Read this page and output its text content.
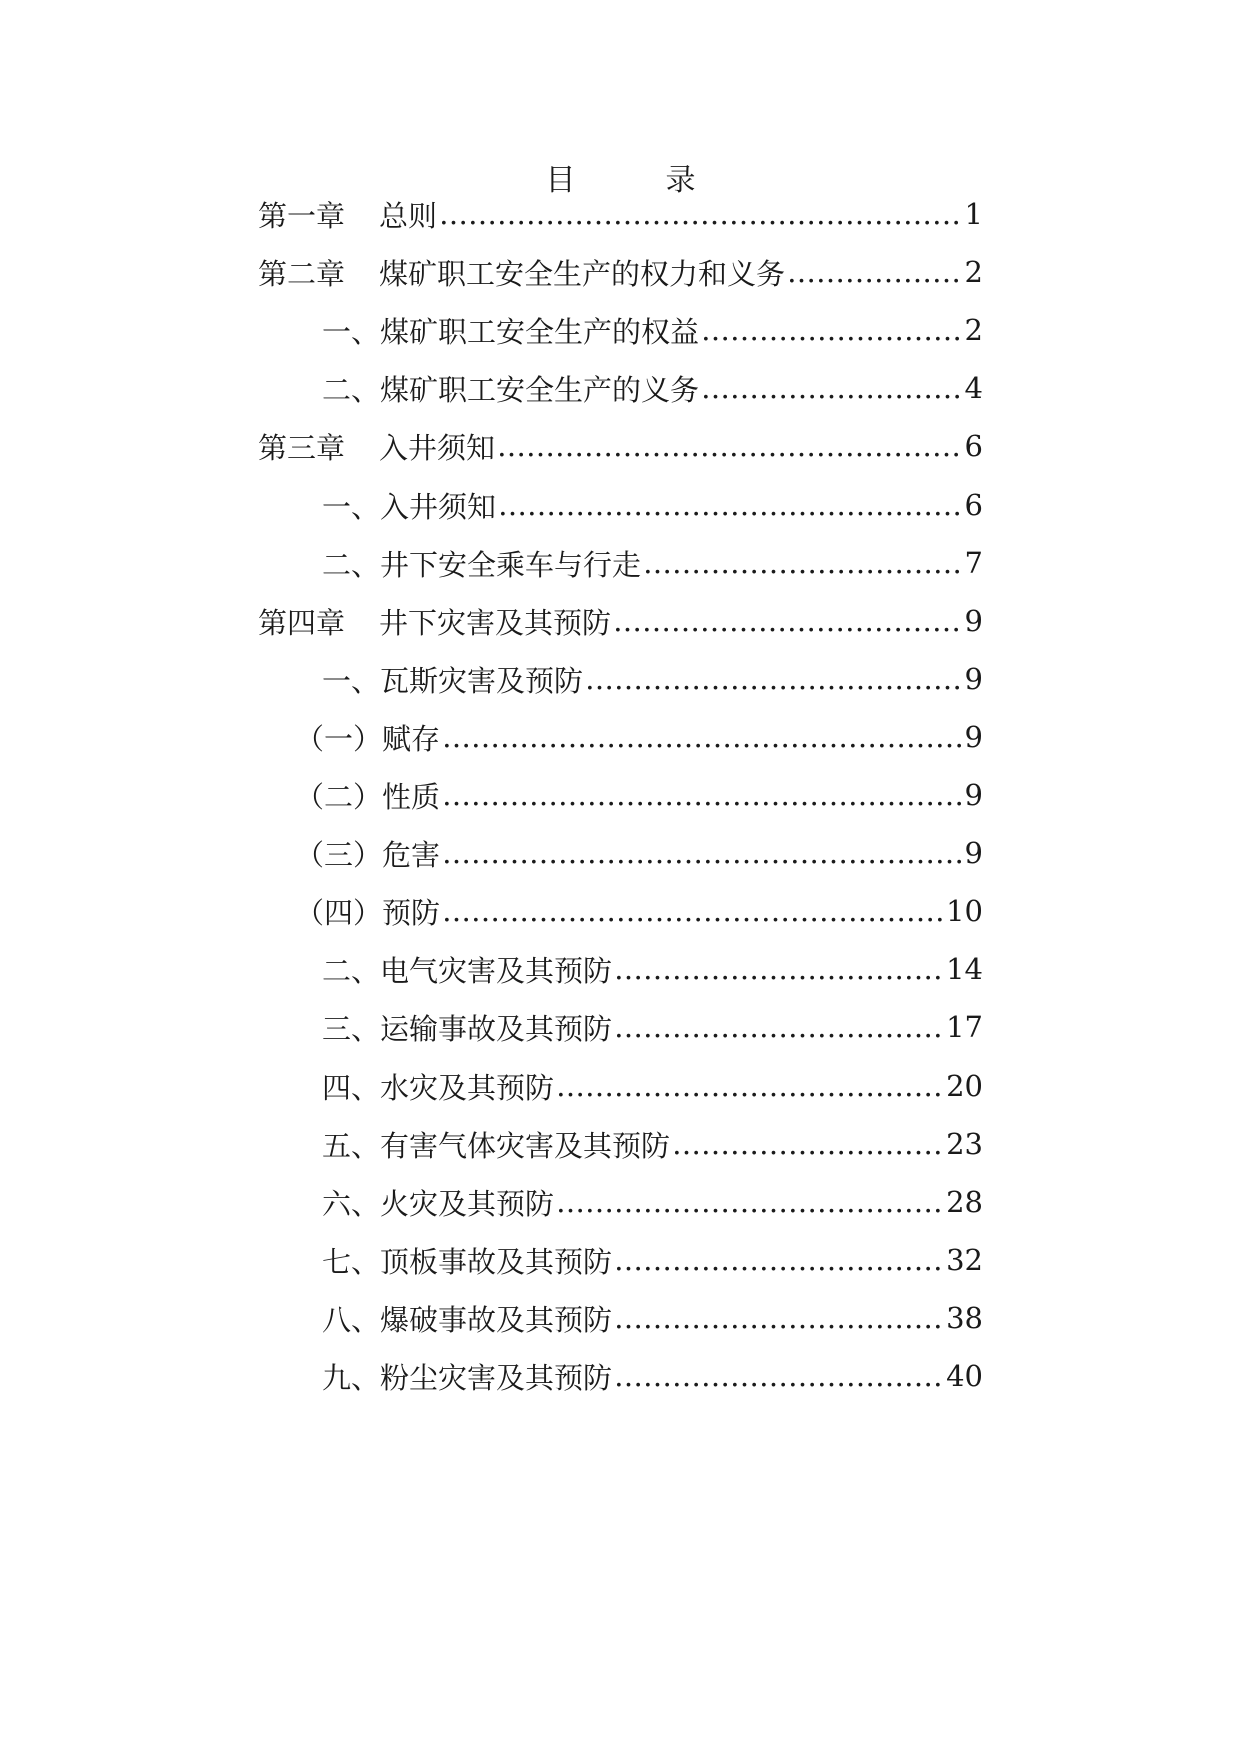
目	录
第一章 总则 ……………………………………………………………………………………………………………………	1
第二章 煤矿职工安全生产的权力和义务 ……………………………………………………………………………………………………………………	2
一、煤矿职工安全生产的权益 ……………………………………………………………………………………………………………………	2
二、煤矿职工安全生产的义务 ……………………………………………………………………………………………………………………	4
第三章 入井须知 ……………………………………………………………………………………………………………………	6
一、入井须知 ……………………………………………………………………………………………………………………	6
二、井下安全乘车与行走 ……………………………………………………………………………………………………………………	7
第四章 井下灾害及其预防 ……………………………………………………………………………………………………………………	9
一、瓦斯灾害及预防 ……………………………………………………………………………………………………………………	9
（一）赋存 ……………………………………………………………………………………………………………………	9
（二）性质 ……………………………………………………………………………………………………………………	9
（三）危害 ……………………………………………………………………………………………………………………	9
（四）预防 ……………………………………………………………………………………………………………………	10
二、电气灾害及其预防 ……………………………………………………………………………………………………………………	14
三、运输事故及其预防 ……………………………………………………………………………………………………………………	17
四、水灾及其预防 ……………………………………………………………………………………………………………………	20
五、有害气体灾害及其预防 ……………………………………………………………………………………………………………………	23
六、火灾及其预防 ……………………………………………………………………………………………………………………	28
七、顶板事故及其预防 ……………………………………………………………………………………………………………………	32
八、爆破事故及其预防 ……………………………………………………………………………………………………………………	38
九、粉尘灾害及其预防 ……………………………………………………………………………………………………………………	40
